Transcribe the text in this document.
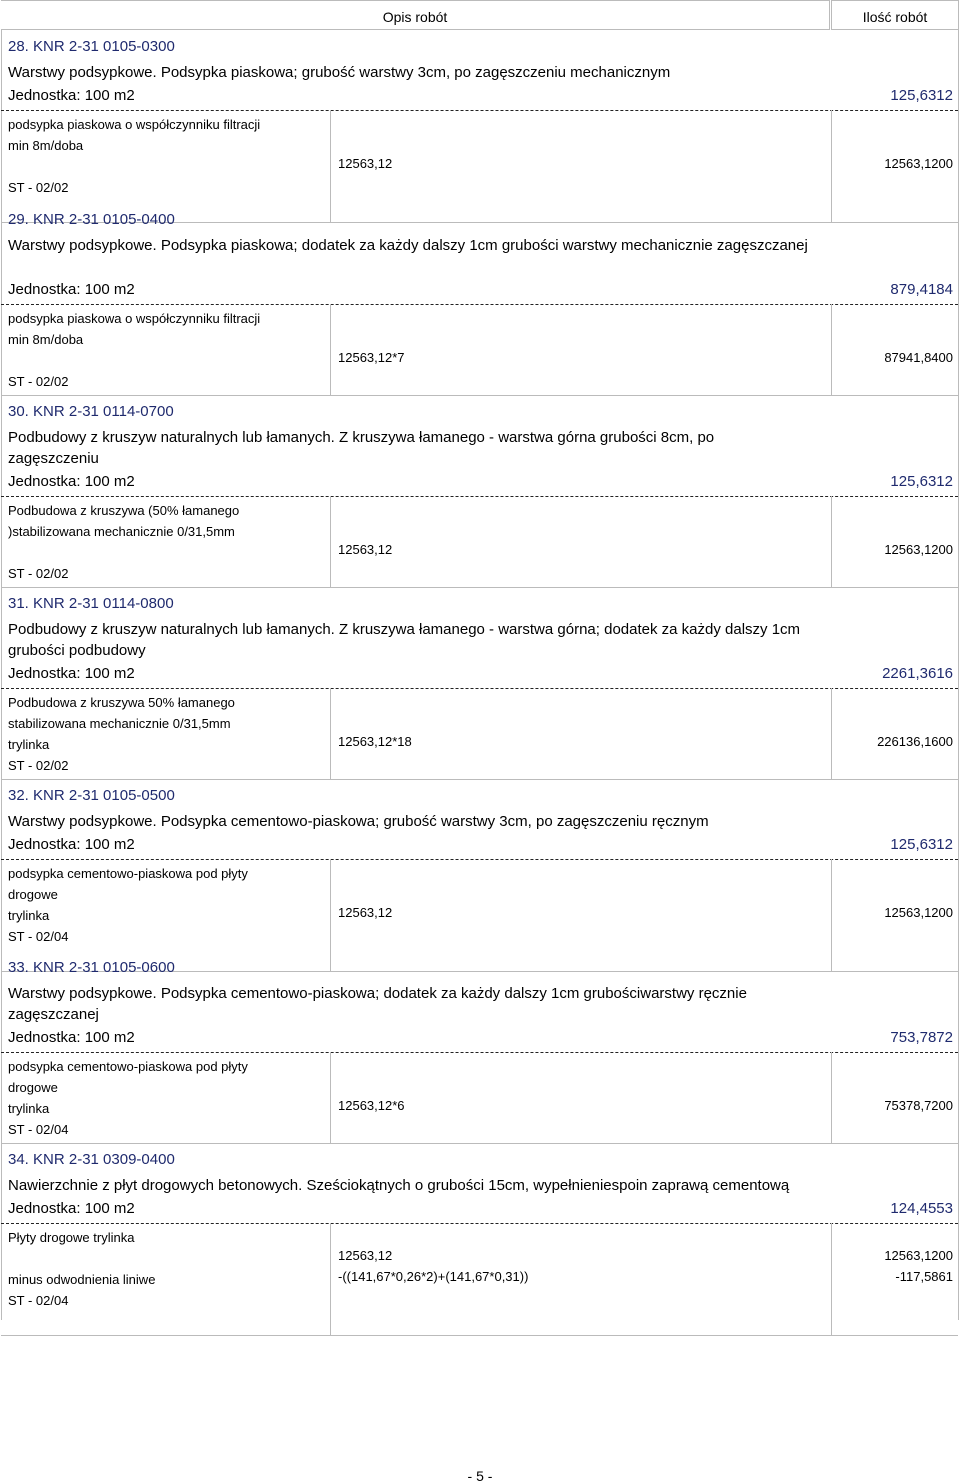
Opis robót	Ilość robót
28. KNR 2-31 0105-0300
Warstwy podsypkowe. Podsypka piaskowa; grubość warstwy 3cm, po zagęszczeniu mechanicznym
Jednostka: 100 m2	125,6312
podsypka piaskowa o współczynniku filtracji
min 8m/doba
ST - 02/02
12563,12	12563,1200
29. KNR 2-31 0105-0400
Warstwy podsypkowe. Podsypka piaskowa; dodatek za każdy dalszy 1cm grubości warstwy mechanicznie zagęszczanej
Jednostka: 100 m2	879,4184
podsypka piaskowa o współczynniku filtracji
min 8m/doba
ST - 02/02
12563,12*7	87941,8400
30. KNR 2-31 0114-0700
Podbudowy z kruszyw naturalnych lub łamanych. Z kruszywa łamanego - warstwa górna grubości 8cm, po zagęszczeniu
Jednostka: 100 m2	125,6312
Podbudowa z kruszywa (50% łamanego
)stabilizowana mechanicznie 0/31,5mm
ST - 02/02
12563,12	12563,1200
31. KNR 2-31 0114-0800
Podbudowy z kruszyw naturalnych lub łamanych. Z kruszywa łamanego - warstwa górna; dodatek za każdy dalszy 1cm grubości podbudowy
Jednostka: 100 m2	2261,3616
Podbudowa z kruszywa 50% łamanego
stabilizowana mechanicznie 0/31,5mm
trylinka
ST - 02/02
12563,12*18	226136,1600
32. KNR 2-31 0105-0500
Warstwy podsypkowe. Podsypka cementowo-piaskowa; grubość warstwy 3cm, po zagęszczeniu ręcznym
Jednostka: 100 m2	125,6312
podsypka cementowo-piaskowa pod płyty
drogowe
trylinka
ST - 02/04
12563,12	12563,1200
33. KNR 2-31 0105-0600
Warstwy podsypkowe. Podsypka cementowo-piaskowa; dodatek za każdy dalszy 1cm grubościwarstwy ręcznie zagęszczanej
Jednostka: 100 m2	753,7872
podsypka cementowo-piaskowa pod płyty
drogowe
trylinka
ST - 02/04
12563,12*6	75378,7200
34. KNR 2-31 0309-0400
Nawierzchnie z płyt drogowych betonowych. Sześciokątnych o grubości 15cm, wypełnieniespoin zaprawą cementową
Jednostka: 100 m2	124,4553
Płyty drogowe trylinka
minus odwodnienia liniwe
ST - 02/04
12563,12	12563,1200
-((141,67*0,26*2)+(141,67*0,31))	-117,5861
- 5 -
